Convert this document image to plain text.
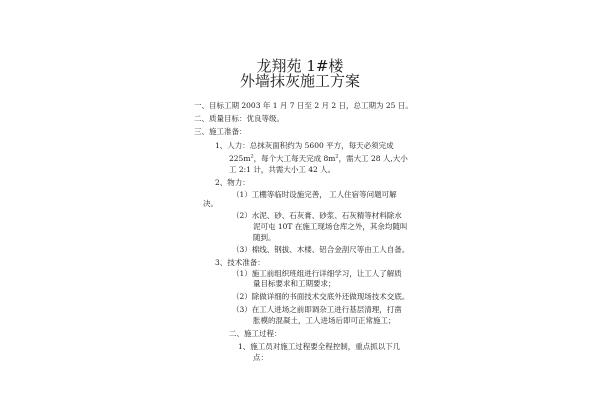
龙翔苑 1#楼
外墙抹灰施工方案
一、目标工期 2003 年 1 月 7 日至 2 月 2 日，总工期为 25 日。
二、质量目标：优良等级。
三、施工准备：
1、人力：总抹灰面积约为 5600 平方，每天必须完成
$225m^2$，每个大工每天完成 $8m^2$，需大工 28 人,大小
工 2:1 计，共需大小工 42 人。
2、物力：
（1）工棚等临时设施完善， 工人住宿等问题可解
决。
（2）水泥、砂、石灰膏、砂浆、石灰精等材料除水
泥可屯 10T 在施工现场仓库之外，其余均随叫
随到。
（3）棉线、钢拔、木楼、铝合金刮尺等由工人自备。
3、技术准备：
（1）施工前组织班组进行详细学习，让工人了解质
量目标要求和工期要求；
（2）除做详细的书面技术交底外还做现场技术交底。
（3）在工人进场之前即调杂工进行基层清理，打凿
胀模的混凝土，工人进场后即可正常施工；
二、施工过程：
1、施工员对施工过程要全程控制，重点抓以下几
点：
